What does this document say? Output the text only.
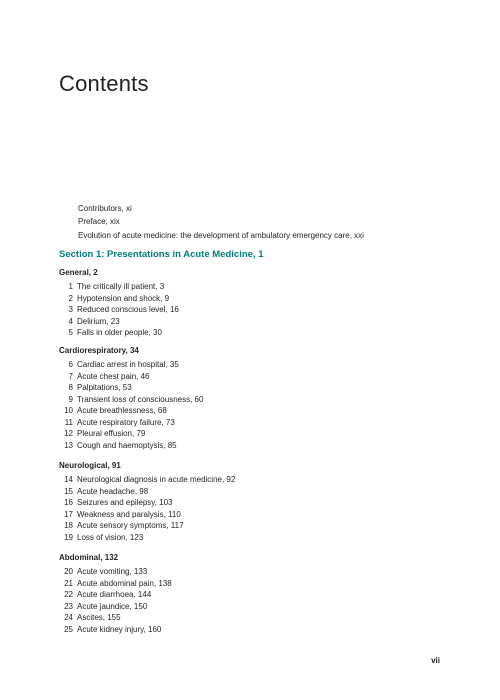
Contents
Contributors, xi
Preface, xix
Evolution of acute medicine: the development of ambulatory emergency care, xxi
Section 1: Presentations in Acute Medicine, 1
General, 2
1 The critically ill patient, 3
2 Hypotension and shock, 9
3 Reduced conscious level, 16
4 Delirium, 23
5 Falls in older people, 30
Cardiorespiratory, 34
6 Cardiac arrest in hospital, 35
7 Acute chest pain, 46
8 Palpitations, 53
9 Transient loss of consciousness, 60
10 Acute breathlessness, 68
11 Acute respiratory failure, 73
12 Pleural effusion, 79
13 Cough and haemoptysis, 85
Neurological, 91
14 Neurological diagnosis in acute medicine, 92
15 Acute headache, 98
16 Seizures and epilepsy, 103
17 Weakness and paralysis, 110
18 Acute sensory symptoms, 117
19 Loss of vision, 123
Abdominal, 132
20 Acute vomiting, 133
21 Acute abdominal pain, 138
22 Acute diarrhoea, 144
23 Acute jaundice, 150
24 Ascites, 155
25 Acute kidney injury, 160
vii
